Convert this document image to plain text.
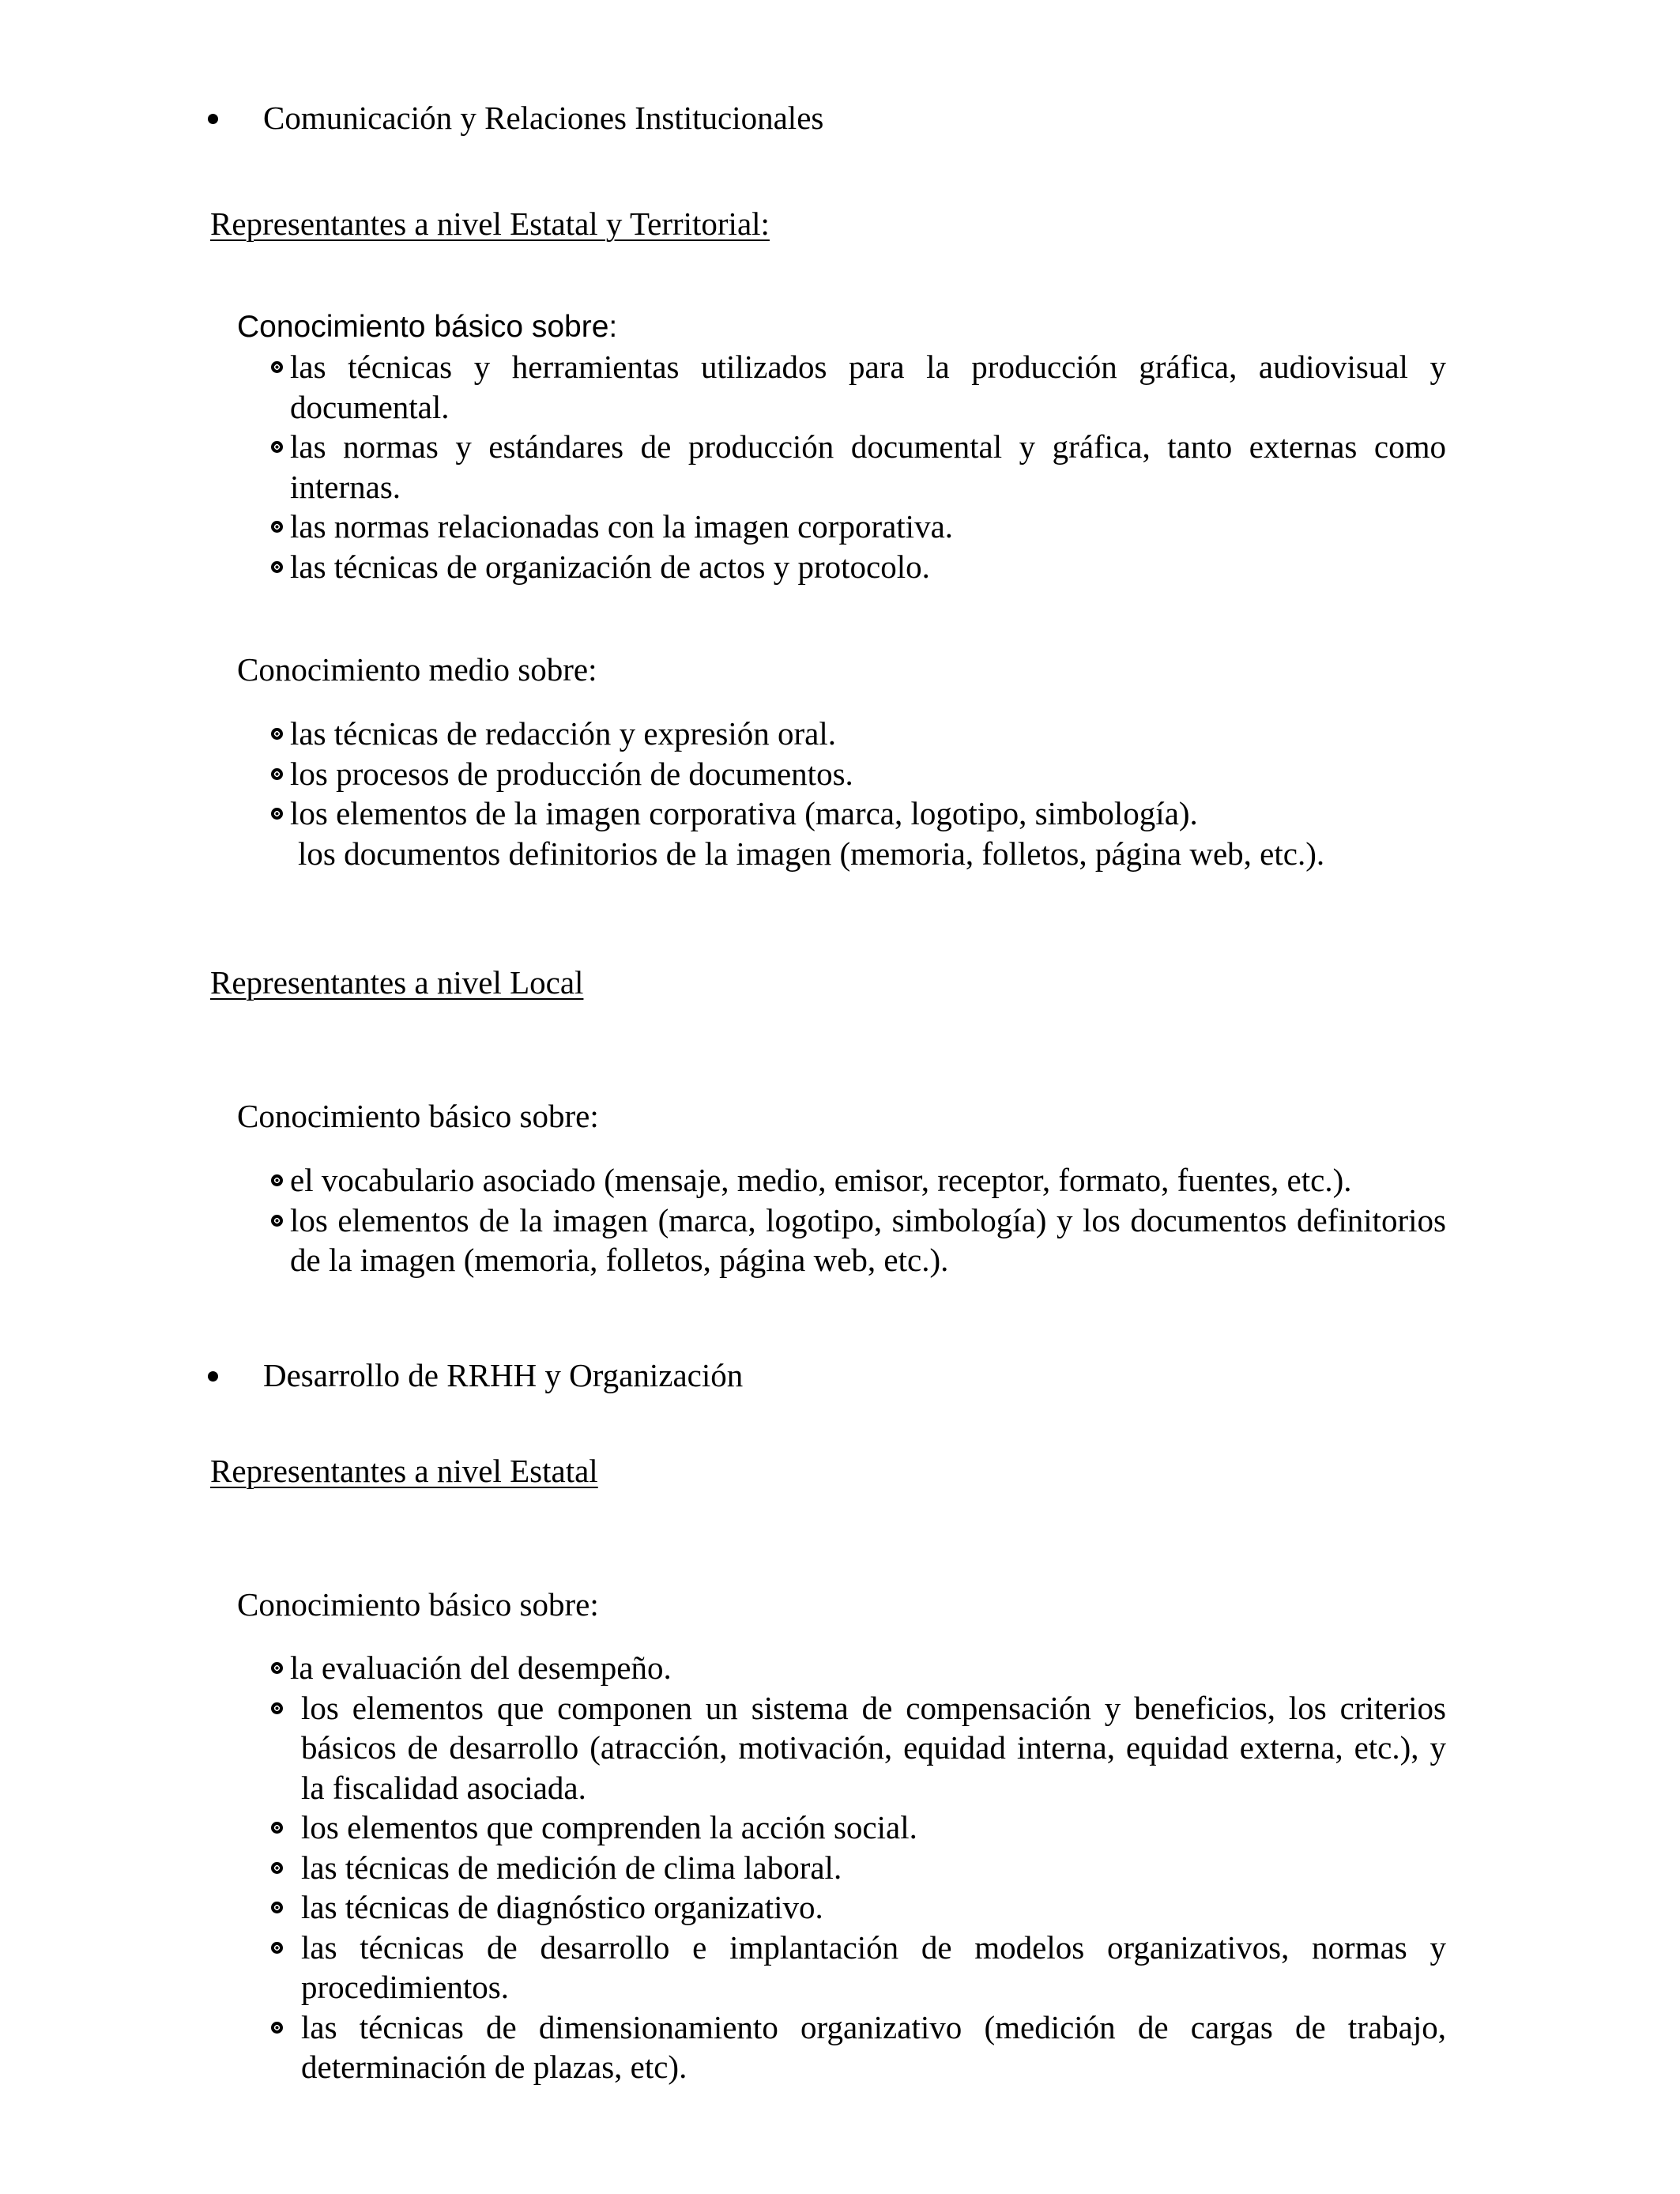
Comunicación y Relaciones Institucionales
Representantes a nivel Estatal y Territorial:
Conocimiento básico sobre:
las técnicas y herramientas utilizados para la producción gráfica, audiovisual y documental.
las normas y estándares de producción documental y gráfica, tanto externas como internas.
las normas relacionadas con la imagen corporativa.
las técnicas de organización de actos y protocolo.
Conocimiento medio sobre:
las técnicas de redacción y expresión oral.
los procesos de producción de documentos.
los elementos de la imagen corporativa (marca, logotipo, simbología).
los documentos definitorios de la imagen (memoria, folletos, página web, etc.).
Representantes a nivel Local
Conocimiento básico sobre:
el vocabulario asociado (mensaje, medio, emisor, receptor, formato, fuentes, etc.).
los elementos de la imagen (marca, logotipo, simbología) y los documentos definitorios de la imagen (memoria, folletos, página web, etc.).
Desarrollo de RRHH y Organización
Representantes a nivel Estatal
Conocimiento básico sobre:
la evaluación del desempeño.
los elementos que componen un sistema de compensación y beneficios, los criterios básicos de desarrollo (atracción, motivación, equidad interna, equidad externa, etc.), y la fiscalidad asociada.
los elementos que comprenden la acción social.
las técnicas de medición de clima laboral.
las técnicas de diagnóstico organizativo.
las técnicas de desarrollo e implantación de modelos organizativos, normas y procedimientos.
las técnicas de dimensionamiento organizativo (medición de cargas de trabajo, determinación de plazas, etc).
